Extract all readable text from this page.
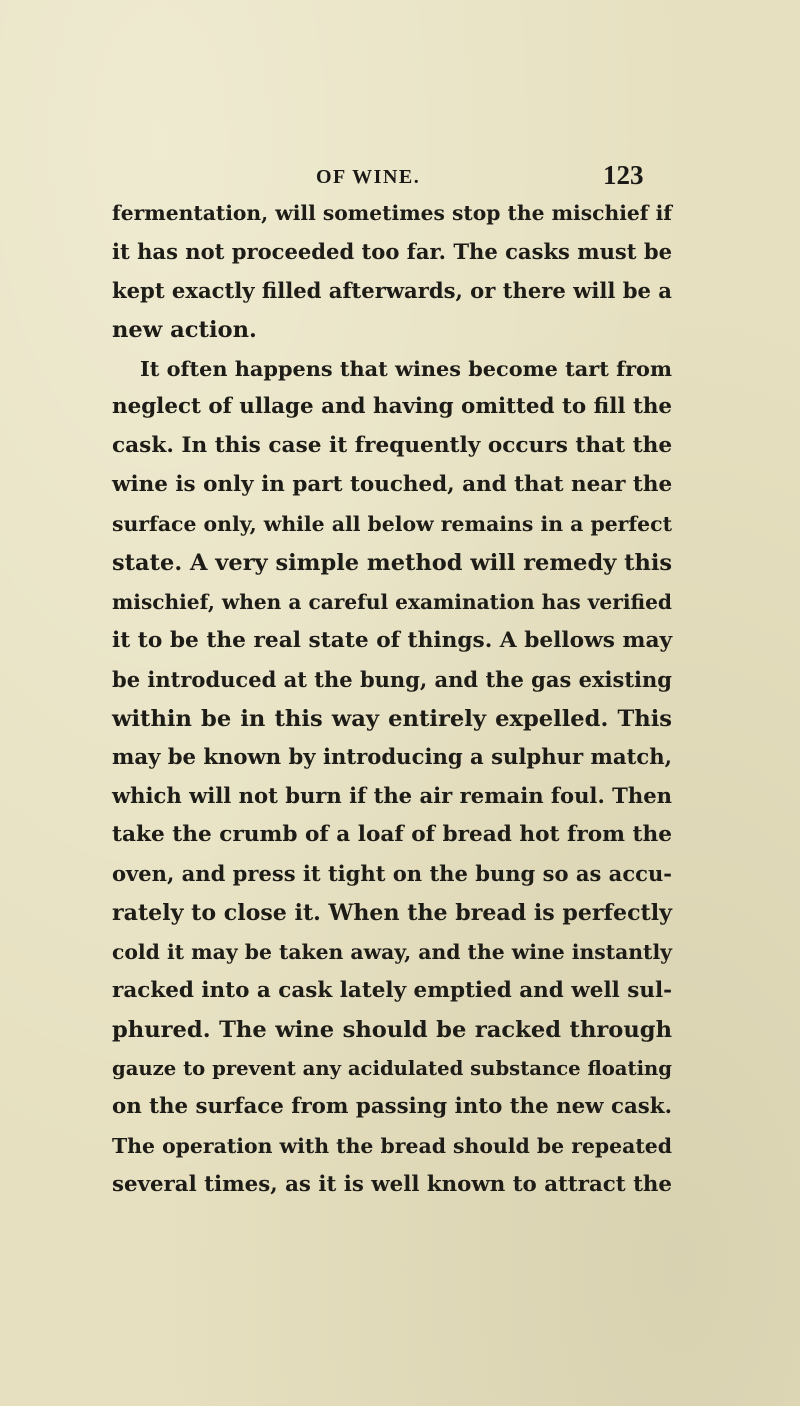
OF WINE.	123
fermentation, will sometimes stop the mischief if
it has not proceeded too far. The casks must be
kept exactly filled afterwards, or there will be a
new action.
It often happens that wines become tart from
neglect of ullage and having omitted to fill the
cask. In this case it frequently occurs that the
wine is only in part touched, and that near the
surface only, while all below remains in a perfect
state. A very simple method will remedy this
mischief, when a careful examination has verified
it to be the real state of things. A bellows may
be introduced at the bung, and the gas existing
within be in this way entirely expelled. This
may be known by introducing a sulphur match,
which will not burn if the air remain foul. Then
take the crumb of a loaf of bread hot from the
oven, and press it tight on the bung so as accu-
rately to close it. When the bread is perfectly
cold it may be taken away, and the wine instantly
racked into a cask lately emptied and well sul-
phured. The wine should be racked through
gauze to prevent any acidulated substance floating
on the surface from passing into the new cask.
The operation with the bread should be repeated
several times, as it is well known to attract the
